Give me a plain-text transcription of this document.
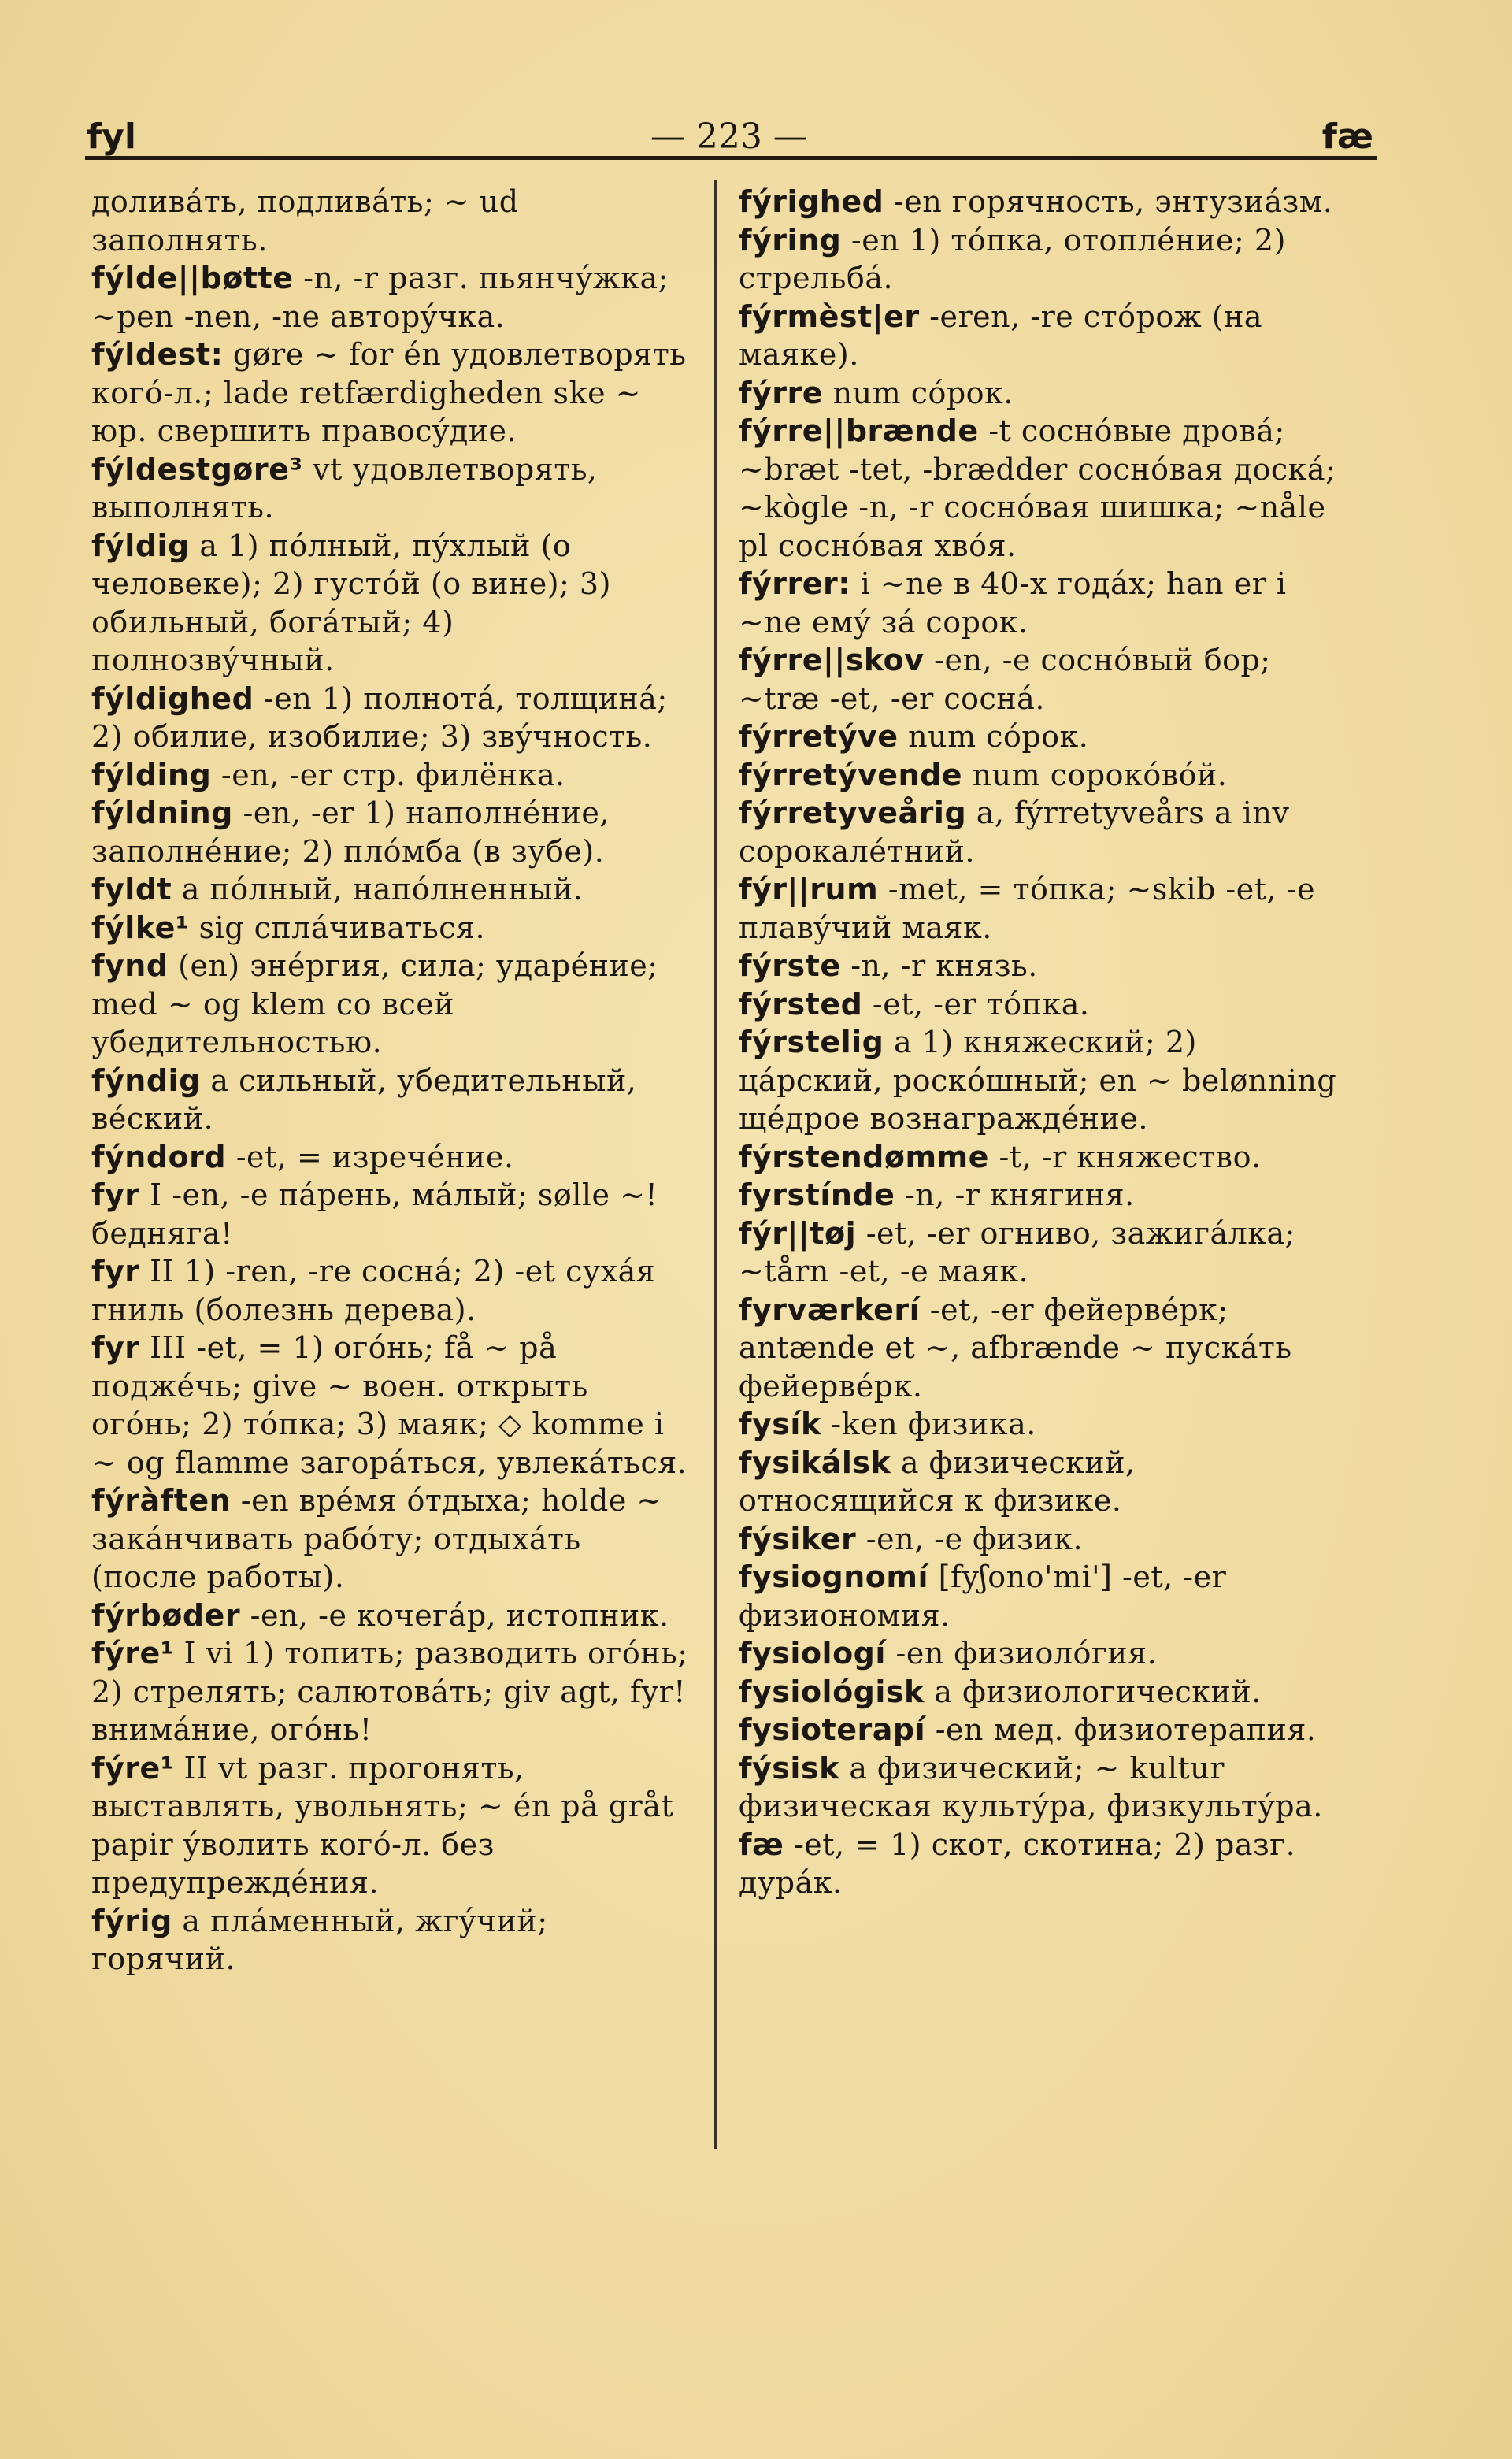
fyl	— 223 —	fæ

доливáть, подливáть; ~ ud заполнять.

fýlde||bøtte -n, -r разг. пьянчýжка; ~pen -nen, -ne авторýчка.

fýldest: gøre ~ for én удовлетворять когó-л.; lade retfærdigheden ske ~ юр. свершить правосýдие.

fýldestgøre³ vt удовлетворять, выполнять.

fýldig a 1) пóлный, пýхлый (о человеке); 2) густóй (о вине); 3) обильный, богáтый; 4) полнозвýчный.

fýldighed -en 1) полнотá, толщинá; 2) обилие, изобилие; 3) звýчность.

fýlding -en, -er стр. филёнка.

fýldning -en, -er 1) наполнéние, заполнéние; 2) плóмба (в зубе).

fyldt a пóлный, напóлненный.

fýlke¹ sig сплáчиваться.

fynd (en) энéргия, сила; ударéние; med ~ og klem со всей убедительностью.

fýndig a сильный, убедительный, вéский.

fýndord -et, = изречéние.

fyr I -en, -e пáрень, мáлый; sølle ~! бедняга!

fyr II 1) -ren, -re соснá; 2) -et сухáя гниль (болезнь дерева).

fyr III -et, = 1) огóнь; få ~ på поджéчь; give ~ воен. открыть огóнь; 2) тóпка; 3) маяк; ◇ komme i ~ og flamme загорáться, увлекáться.

fýràften -en врéмя óтдыха; holde ~ закáнчивать рабóту; отдыхáть (после работы).

fýrbøder -en, -e кочегáр, истопник.

fýre¹ I vi 1) топить; разводить огóнь; 2) стрелять; салютовáть; giv agt, fyr! внимáние, огóнь!

fýre¹ II vt разг. прогонять, выставлять, увольнять; ~ én på gråt papir ýволить когó-л. без предупреждéния.

fýrig a плáменный, жгýчий; горячий.

fýrighed -en горячность, энтузиáзм.

fýring -en 1) тóпка, отоплéние; 2) стрельбá.

fýrmèst|er -eren, -re стóрож (на маяке).

fýrre num сóрок.

fýrre||brænde -t соснóвые дровá; ~bræt -tet, -brædder соснóвая доскá; ~kògle -n, -r соснóвая шишка; ~nåle pl соснóвая хвóя.

fýrrer: i ~ne в 40-х годáх; han er i ~ne емý зá сорок.

fýrre||skov -en, -e соснóвый бор; ~træ -et, -er соснá.

fýrretýve num сóрок.

fýrretývende num сорокóвóй.

fýrretyveårig a, fýrretyveårs a inv сорокалéтний.

fýr||rum -met, = тóпка; ~skib -et, -e плавýчий маяк.

fýrste -n, -r князь.

fýrsted -et, -er тóпка.

fýrstelig a 1) княжеский; 2) цáрский, роскóшный; en ~ belønning щéдрое вознаграждéние.

fýrstendømme -t, -r княжество.

fyrstínde -n, -r княгиня.

fýr||tøj -et, -er огнивo, зажигáлка; ~tårn -et, -e маяк.

fyrværkerí -et, -er фейервéрк; antænde et ~, afbrænde ~ пускáть фейервéрк.

fysík -ken физика.

fysikálsk a физический, относящийся к физике.

fýsiker -en, -e физик.

fysiognomí [fyʃono'mi'] -et, -er физиономия.

fysiologí -en физиолóгия.

fysiológisk a физиологический.

fysioterapí -en мед. физиотерапия.

fýsisk a физический; ~ kultur физическая культýра, физкультýра.

fæ -et, = 1) скот, скотина; 2) разг. дурáк.
